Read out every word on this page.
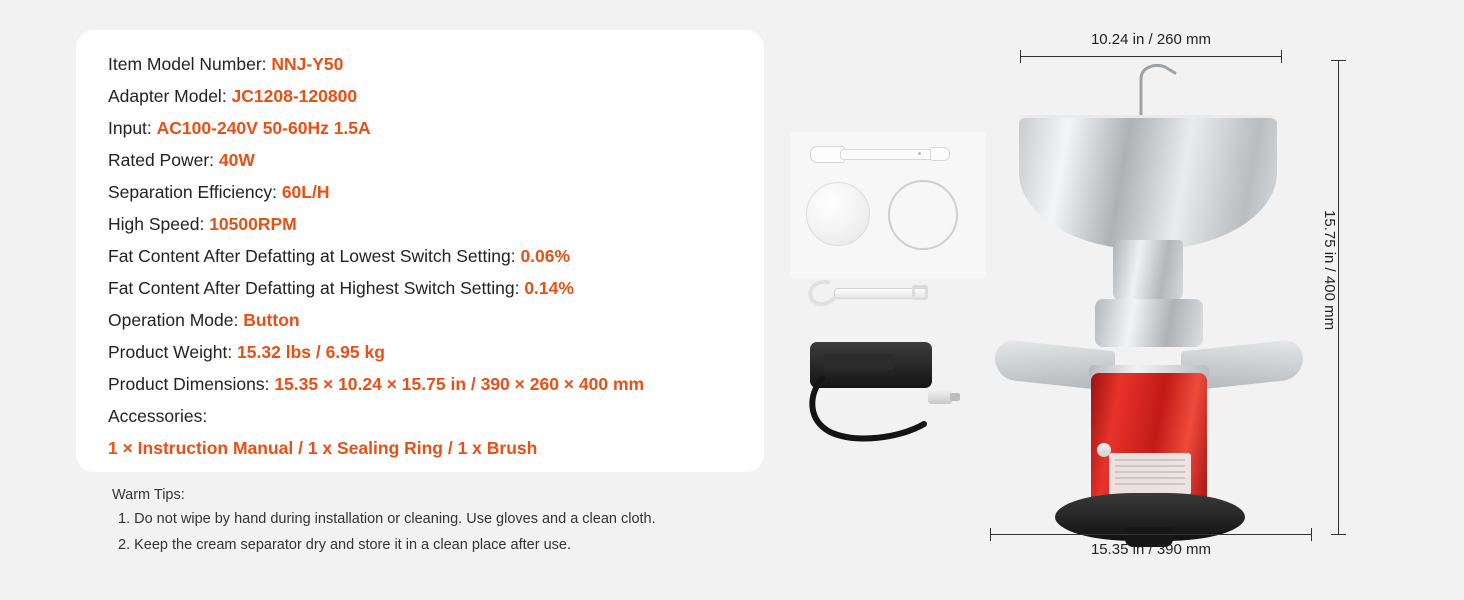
Item Model Number: NNJ-Y50
Adapter Model: JC1208-120800
Input: AC100-240V 50-60Hz 1.5A
Rated Power: 40W
Separation Efficiency: 60L/H
High Speed: 10500RPM
Fat Content After Defatting at Lowest Switch Setting: 0.06%
Fat Content After Defatting at Highest Switch Setting: 0.14%
Operation Mode: Button
Product Weight: 15.32 lbs / 6.95 kg
Product Dimensions: 15.35 × 10.24 × 15.75 in / 390 × 260 × 400 mm
Accessories:
1 × Instruction Manual / 1 x Sealing Ring / 1 x Brush
Warm Tips:
1. Do not wipe by hand during installation or cleaning. Use gloves and a clean cloth.
2. Keep the cream separator dry and store it in a clean place after use.
10.24 in / 260 mm
15.35 in / 390 mm
15.75 in / 400 mm
